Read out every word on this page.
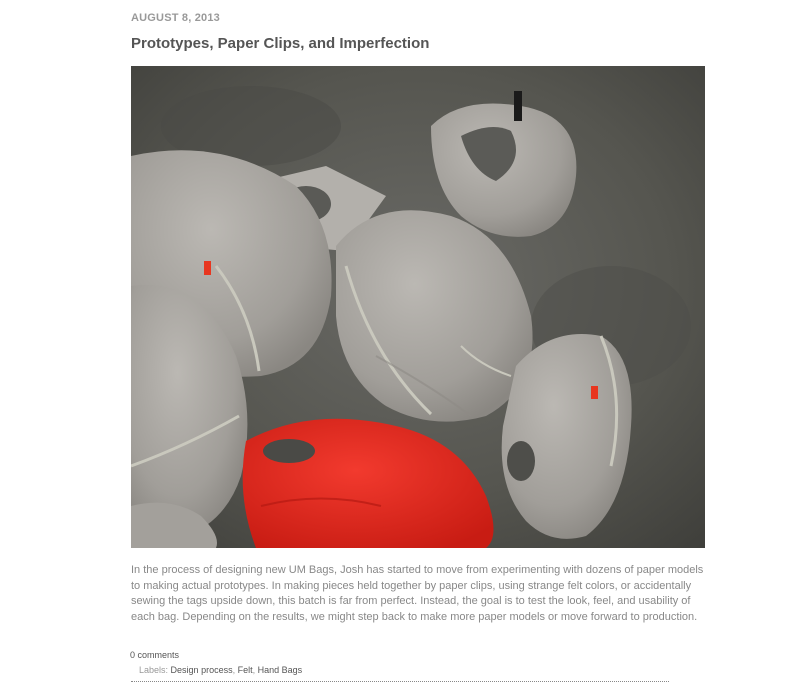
AUGUST 8, 2013
Prototypes, Paper Clips, and Imperfection

In the process of designing new UM Bags, Josh has started to move from experimenting with dozens of paper models to making actual prototypes. In making pieces held together by paper clips, using strange felt colors, or accidentally sewing the tags upside down, this batch is far from perfect. Instead, the goal is to test the look, feel, and usability of each bag. Depending on the results, we might step back to make more paper models or move forward to production.

0 comments
Labels: Design process, Felt, Hand Bags
